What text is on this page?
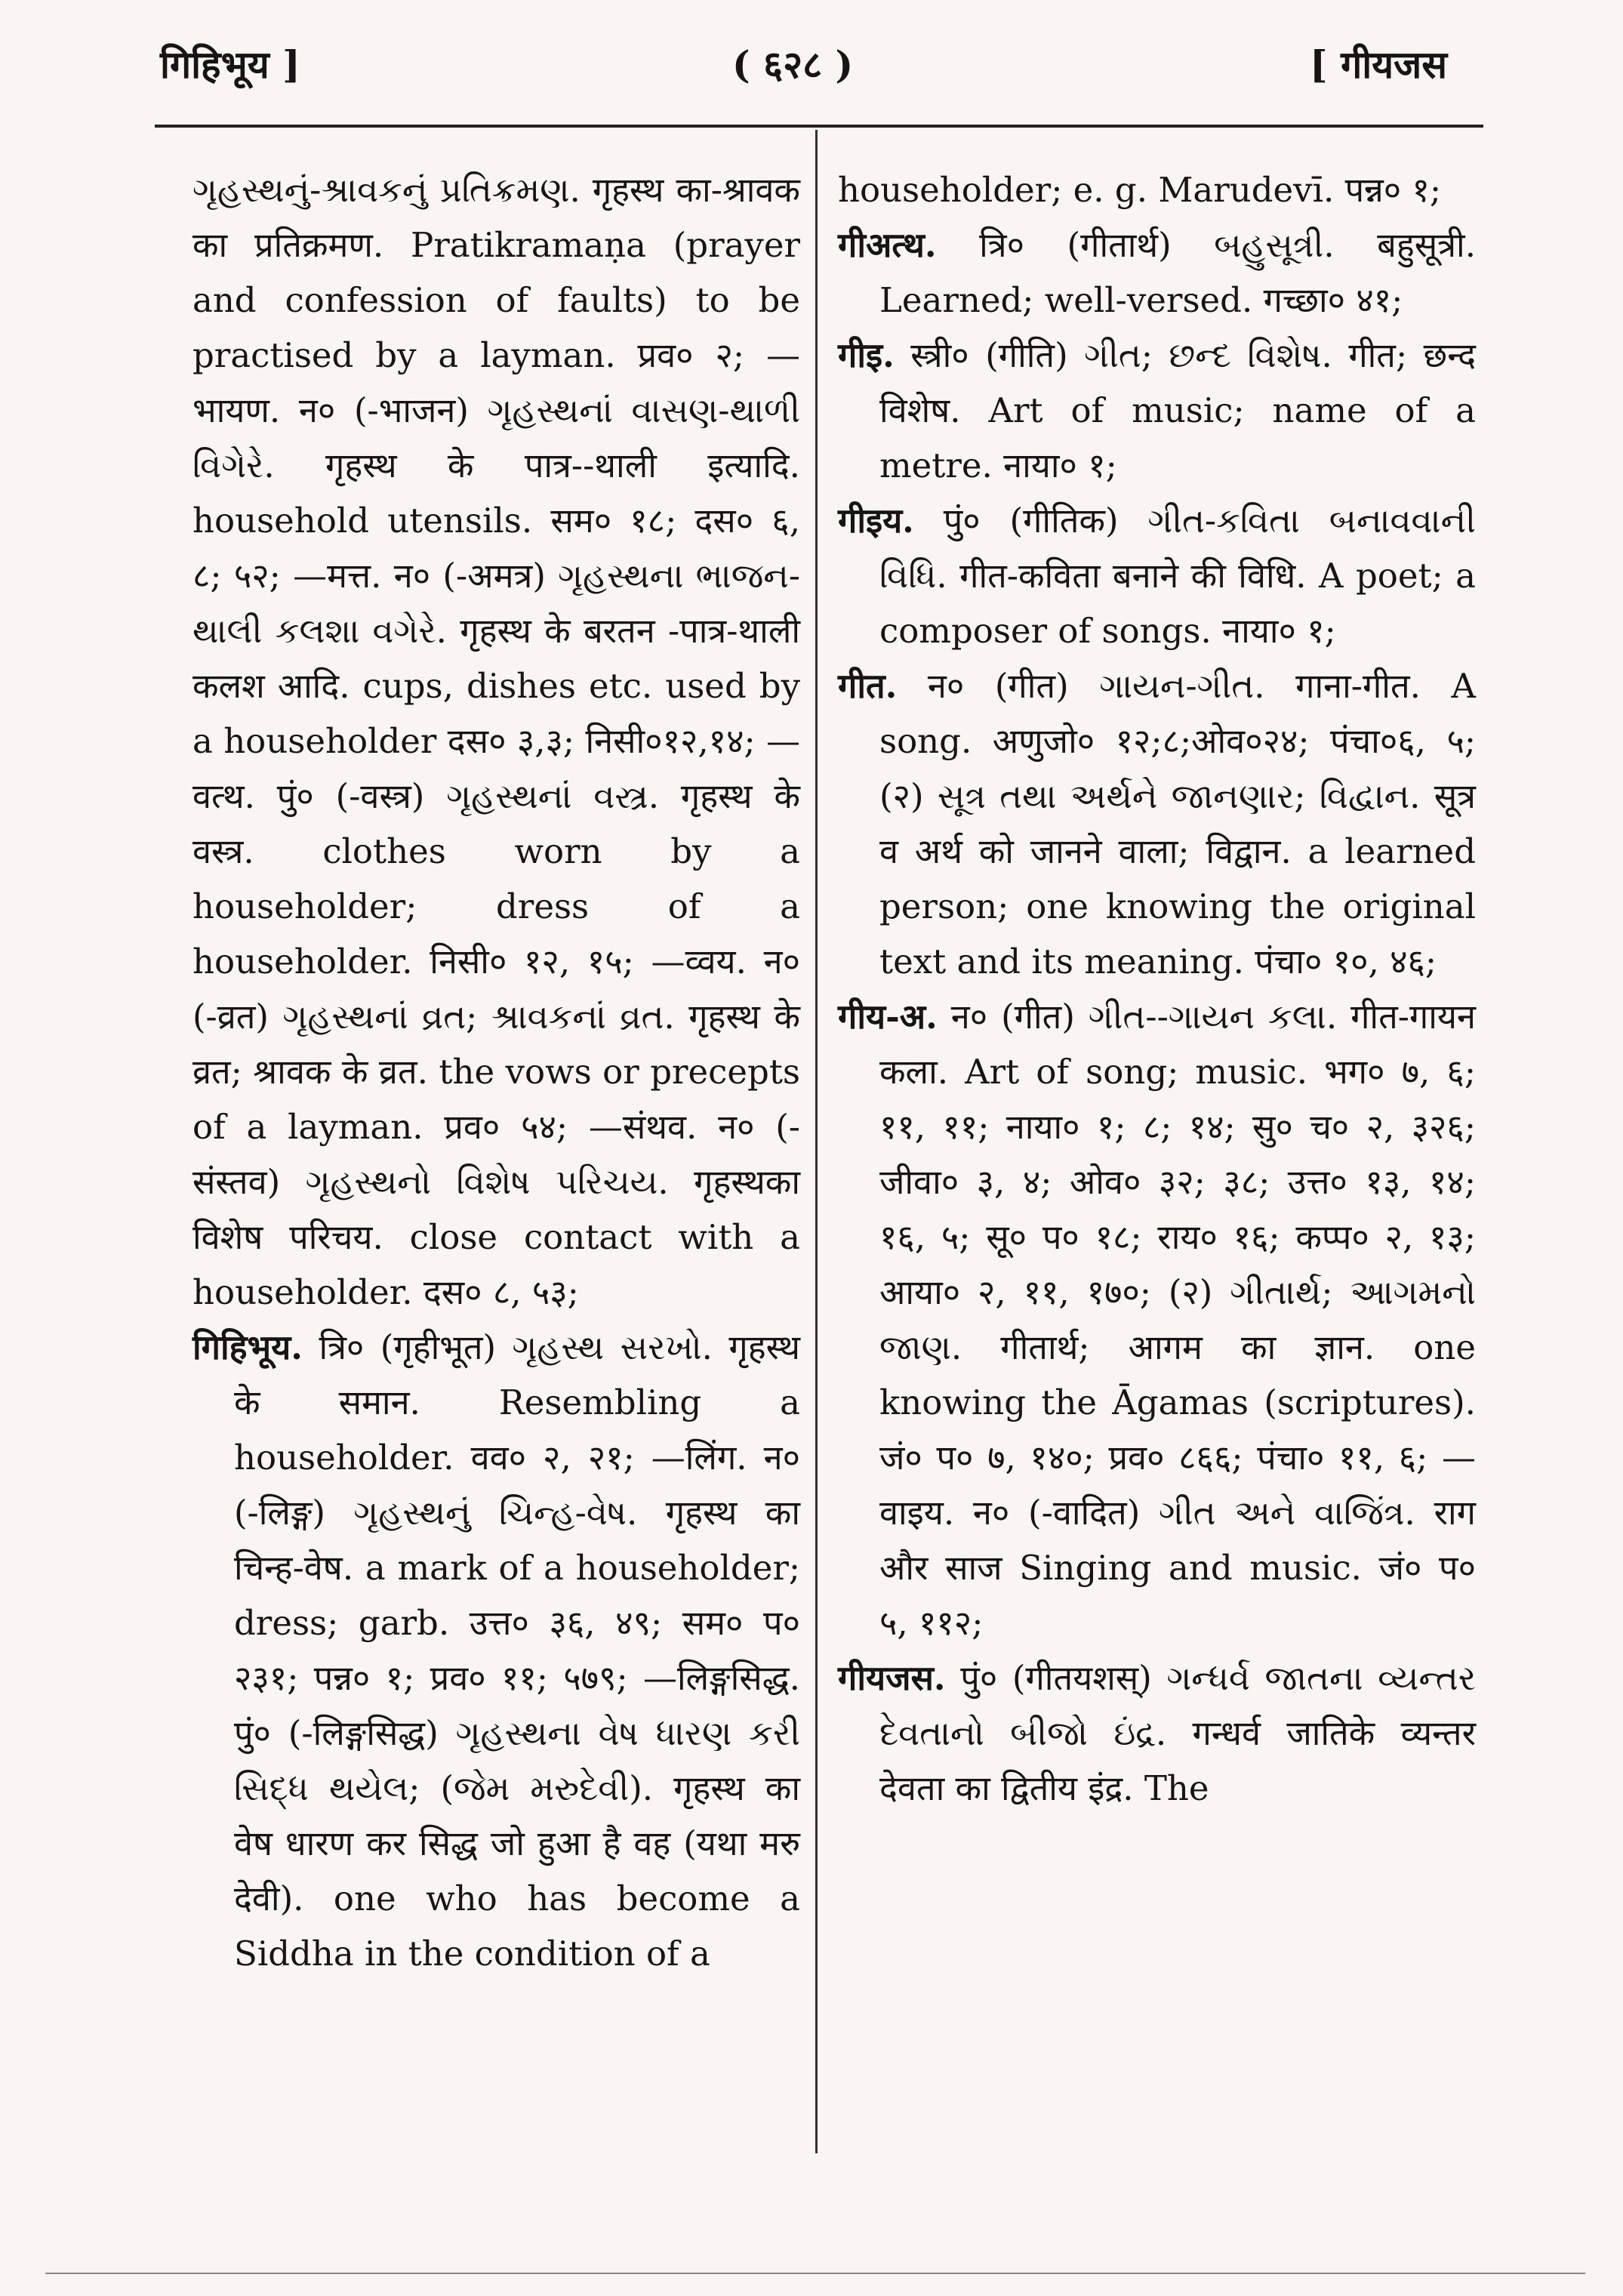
गिहिभूय ]	( ६२८ )	[ गीयजस

ગૃહસ્થનું-શ્રાવકનું પ્રતિક્રમણ. गृहस्थ का-श्रावक का प्रतिक्रमण. Pratikramaṇa (prayer and confession of faults) to be practised by a layman. प्रव० २; —भायण. न० (-भाजन) ગૃહસ્થનાં વાસણ-થાળી વિગેરે. गृहस्थ के पात्र--थाली इत्यादि. household utensils. सम० १८; दस० ६, ८; ५२; —मत्त. न० (-अमत्र) ગૃહસ્થના ભાજન-થાલી કલશા વગેરે. गृहस्थ के बरतन -पात्र-थाली कलश आदि. cups, dishes etc. used by a householder दस० ३,३; निसी०१२,१४; —वत्थ. पुं० (-वस्त्र) ગૃહસ્થનાં વસ્ત્ર. गृहस्थ के वस्त्र. clothes worn by a householder; dress of a householder. निसी० १२, १५; —व्वय. न० (-व्रत) ગૃહસ્થનાં વ્રત; શ્રાવકનાં વ્રત. गृहस्थ के व्रत; श्रावक के व्रत. the vows or precepts of a layman. प्रव० ५४; —संथव. न० (-संस्तव) ગૃહસ્થનો વિશેષ પરિચય. गृहस्थका विशेष परिचय. close contact with a householder. दस० ८, ५३;

गिहिभूय. त्रि० (गृहीभूत) ગૃહસ્થ સરખો. गृहस्थ के समान. Resembling a householder. वव० २, २१; —लिंग. न० (-लिङ्ग) ગૃહસ્થનું ચિન્હ-વેષ. गृहस्थ का चिन्ह-वेष. a mark of a householder; dress; garb. उत्त० ३६, ४९; सम० प० २३१; पन्न० १; प्रव० ११; ५७९; —लिङ्गसिद्ध. पुं० (-लिङ्गसिद्ध) ગૃહસ્થના વેષ ધારણ કરી સિદ્ધ થયેલ; (જેમ મરુદેવી). गृहस्थ का वेष धारण कर सिद्ध जो हुआ है वह (यथा मरु देवी). one who has become a Siddha in the condition of a

householder; e. g. Marudevī. पन्न० १;

गीअत्थ. त्रि० (गीतार्थ) બહુસૂત્રી. बहुसूत्री. Learned; well-versed. गच्छा० ४१;

गीइ. स्त्री० (गीति) ગીત; છન્દ વિશેષ. गीत; छन्द विशेष. Art of music; name of a metre. नाया० १;

गीइय. पुं० (गीतिक) ગીત-કવિતા બનાવવાની વિધિ. गीत-कविता बनाने की विधि. A poet; a composer of songs. नाया० १;

गीत. न० (गीत) ગાયન-ગીત. गाना-गीत. A song. अणुजो० १२;८;ओव०२४; पंचा०६, ५; (२) સૂત્ર તથા અર્થને જાનણાર; વિદ્વાન. सूत्र व अर्थ को जानने वाला; विद्वान. a learned person; one knowing the original text and its meaning. पंचा० १०, ४६;

गीय-अ. न० (गीत) ગીત--ગાયન કલા. गीत-गायन कला. Art of song; music. भग० ७, ६; ११, ११; नाया० १; ८; १४; सु० च० २, ३२६; जीवा० ३, ४; ओव० ३२; ३८; उत्त० १३, १४; १६, ५; सू० प० १८; राय० १६; कप्प० २, १३; आया० २, ११, १७०; (२) ગીતાર્થ; આગમનો જાણ. गीतार्थ; आगम का ज्ञान. one knowing the Āgamas (scriptures). जं० प० ७, १४०; प्रव० ८६६; पंचा० ११, ६; —वाइय. न० (-वादित) ગીત અને વાજિંત્ર. राग और साज Singing and music. जं० प० ५, ११२;

गीयजस. पुं० (गीतयशस्) ગન્ધર્વ જાતના વ્યન્તર દેવતાનો બીજો ઇંદ્ર. गन्धर्व जातिके व्यन्तर देवता का द्वितीय इंद्र. The
